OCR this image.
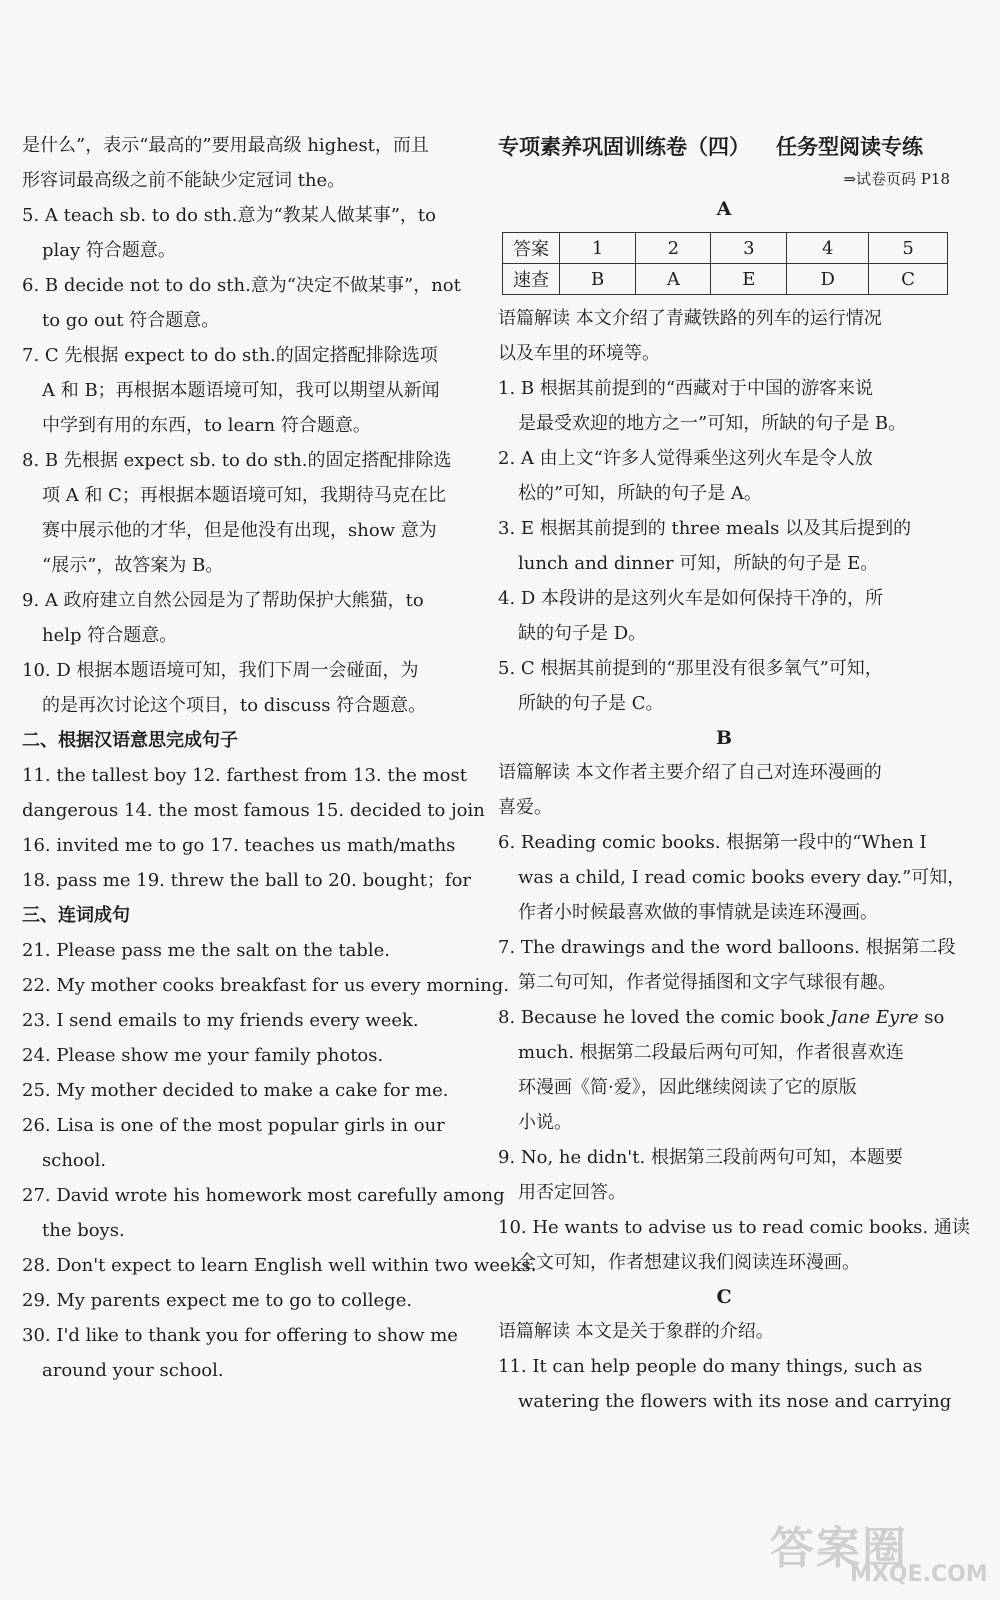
是什么”，表示“最高的”要用最高级 highest，而且
形容词最高级之前不能缺少定冠词 the。
5. A teach sb. to do sth.意为“教某人做某事”，to
play 符合题意。
6. B decide not to do sth.意为“决定不做某事”，not
to go out 符合题意。
7. C 先根据 expect to do sth.的固定搭配排除选项
A 和 B；再根据本题语境可知，我可以期望从新闻
中学到有用的东西，to learn 符合题意。
8. B 先根据 expect sb. to do sth.的固定搭配排除选
项 A 和 C；再根据本题语境可知，我期待马克在比
赛中展示他的才华，但是他没有出现，show 意为
“展示”，故答案为 B。
9. A 政府建立自然公园是为了帮助保护大熊猫，to
help 符合题意。
10. D 根据本题语境可知，我们下周一会碰面，为
的是再次讨论这个项目，to discuss 符合题意。
二、根据汉语意思完成句子
11. the tallest boy 12. farthest from 13. the most
dangerous 14. the most famous 15. decided to join
16. invited me to go 17. teaches us math/maths
18. pass me 19. threw the ball to 20. bought；for
三、连词成句
21. Please pass me the salt on the table.
22. My mother cooks breakfast for us every morning.
23. I send emails to my friends every week.
24. Please show me your family photos.
25. My mother decided to make a cake for me.
26. Lisa is one of the most popular girls in our
school.
27. David wrote his homework most carefully among
the boys.
28. Don't expect to learn English well within two weeks.
29. My parents expect me to go to college.
30. I'd like to thank you for offering to show me
around your school.
专项素养巩固训练卷（四） 任务型阅读专练
⇒试卷页码 P18
A
答案	1	2	3	4	5
速查	B	A	E	D	C
语篇解读 本文介绍了青藏铁路的列车的运行情况
以及车里的环境等。
1. B 根据其前提到的“西藏对于中国的游客来说
是最受欢迎的地方之一”可知，所缺的句子是 B。
2. A 由上文“许多人觉得乘坐这列火车是令人放
松的”可知，所缺的句子是 A。
3. E 根据其前提到的 three meals 以及其后提到的
lunch and dinner 可知，所缺的句子是 E。
4. D 本段讲的是这列火车是如何保持干净的，所
缺的句子是 D。
5. C 根据其前提到的“那里没有很多氧气”可知，
所缺的句子是 C。
B
语篇解读 本文作者主要介绍了自己对连环漫画的
喜爱。
6. Reading comic books. 根据第一段中的“When I
was a child, I read comic books every day.”可知，
作者小时候最喜欢做的事情就是读连环漫画。
7. The drawings and the word balloons. 根据第二段
第二句可知，作者觉得插图和文字气球很有趣。
8. Because he loved the comic book Jane Eyre so
much. 根据第二段最后两句可知，作者很喜欢连
环漫画《简·爱》，因此继续阅读了它的原版
小说。
9. No, he didn't. 根据第三段前两句可知，本题要
用否定回答。
10. He wants to advise us to read comic books. 通读
全文可知，作者想建议我们阅读连环漫画。
C
语篇解读 本文是关于象群的介绍。
11. It can help people do many things, such as
watering the flowers with its nose and carrying
答案圈
MXQE.COM
